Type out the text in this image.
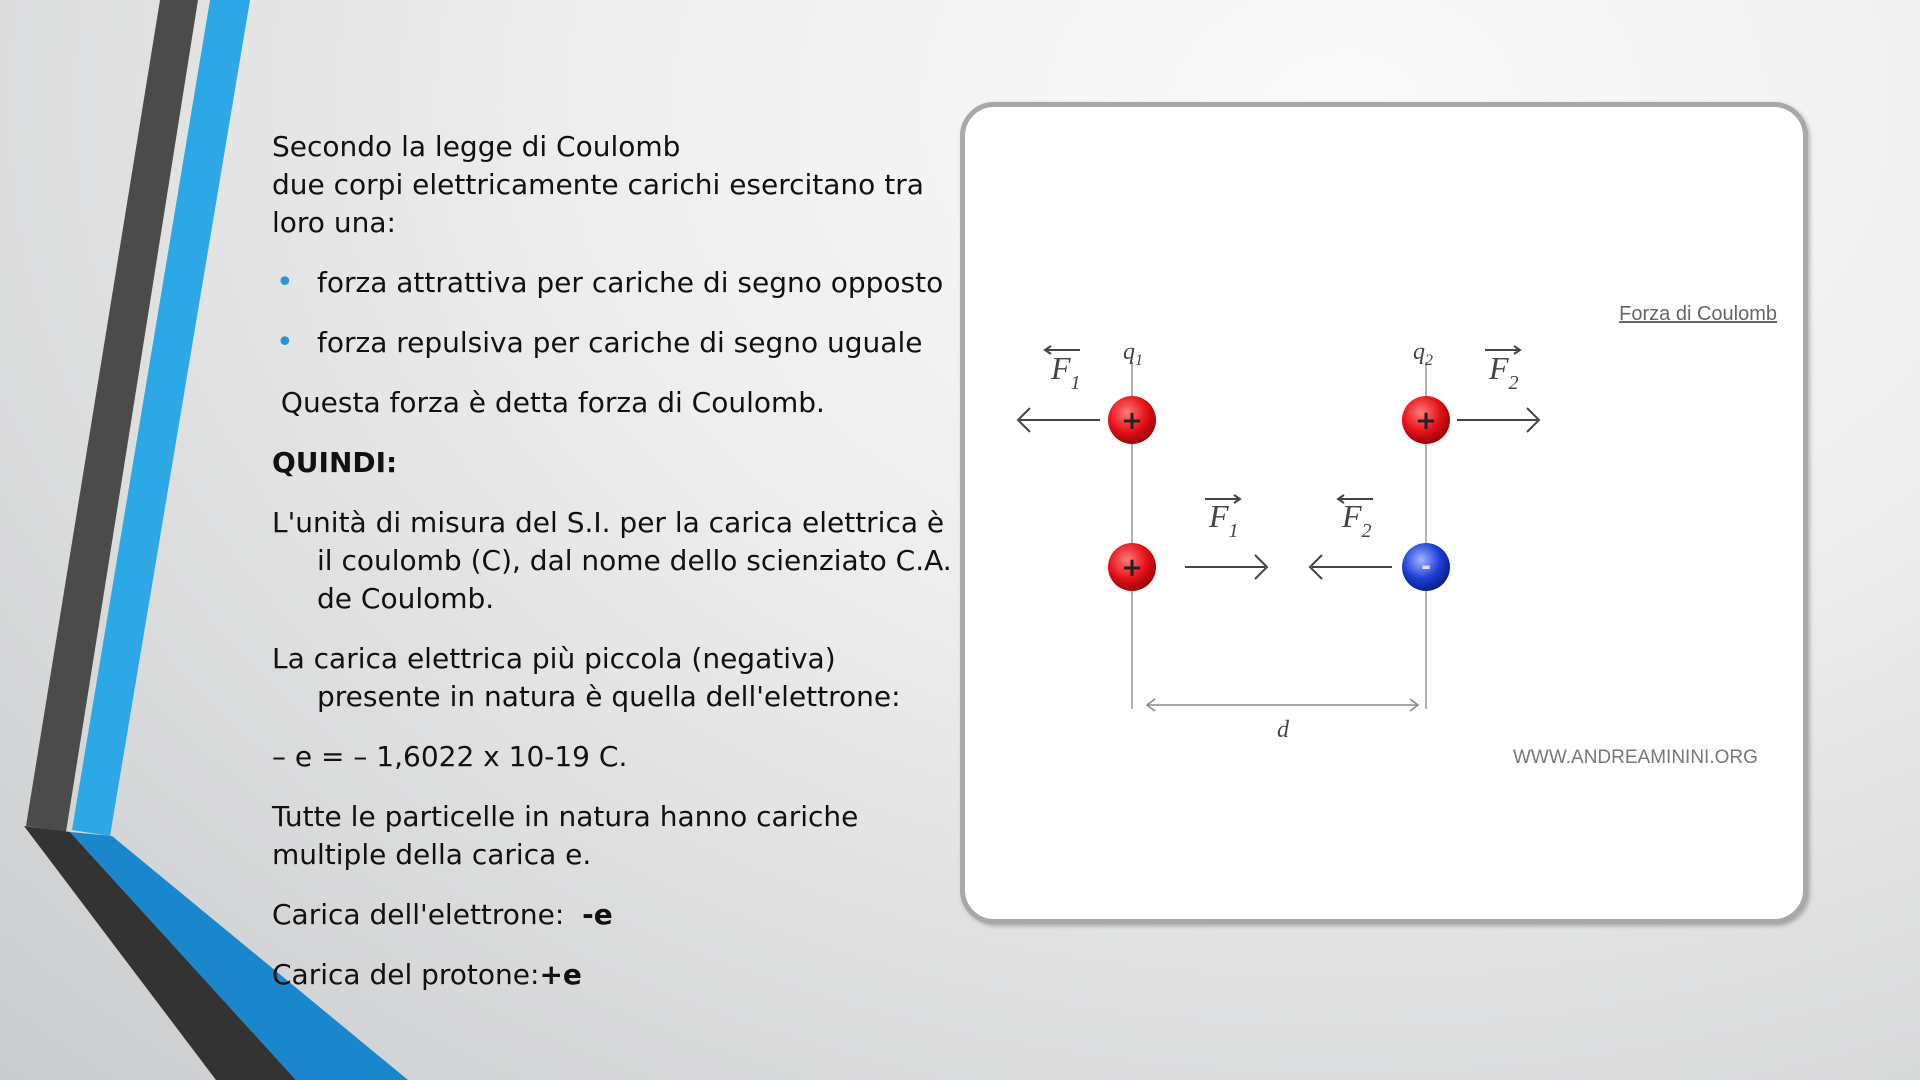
Secondo la legge di Coulomb

due corpi elettricamente carichi esercitano tra loro una:

• forza attrattiva per cariche di segno opposto

• forza repulsiva per cariche di segno uguale

Questa forza è detta forza di Coulomb.

QUINDI:

L'unità di misura del S.I. per la carica elettrica è il coulomb (C), dal nome dello scienziato C.A. de Coulomb.

La carica elettrica più piccola (negativa) presente in natura è quella dell'elettrone:

– e = – 1,6022 x 10-19 C.

Tutte le particelle in natura hanno cariche multiple della carica e.

Carica dell'elettrone:  -e

Carica del protone:+e

Forza di Coulomb
WWW.ANDREAMININI.ORG
d
$F_1$	$F_2$
$F_1$	$F_2$
$q_1$	$q_2$
+	+
+	-
